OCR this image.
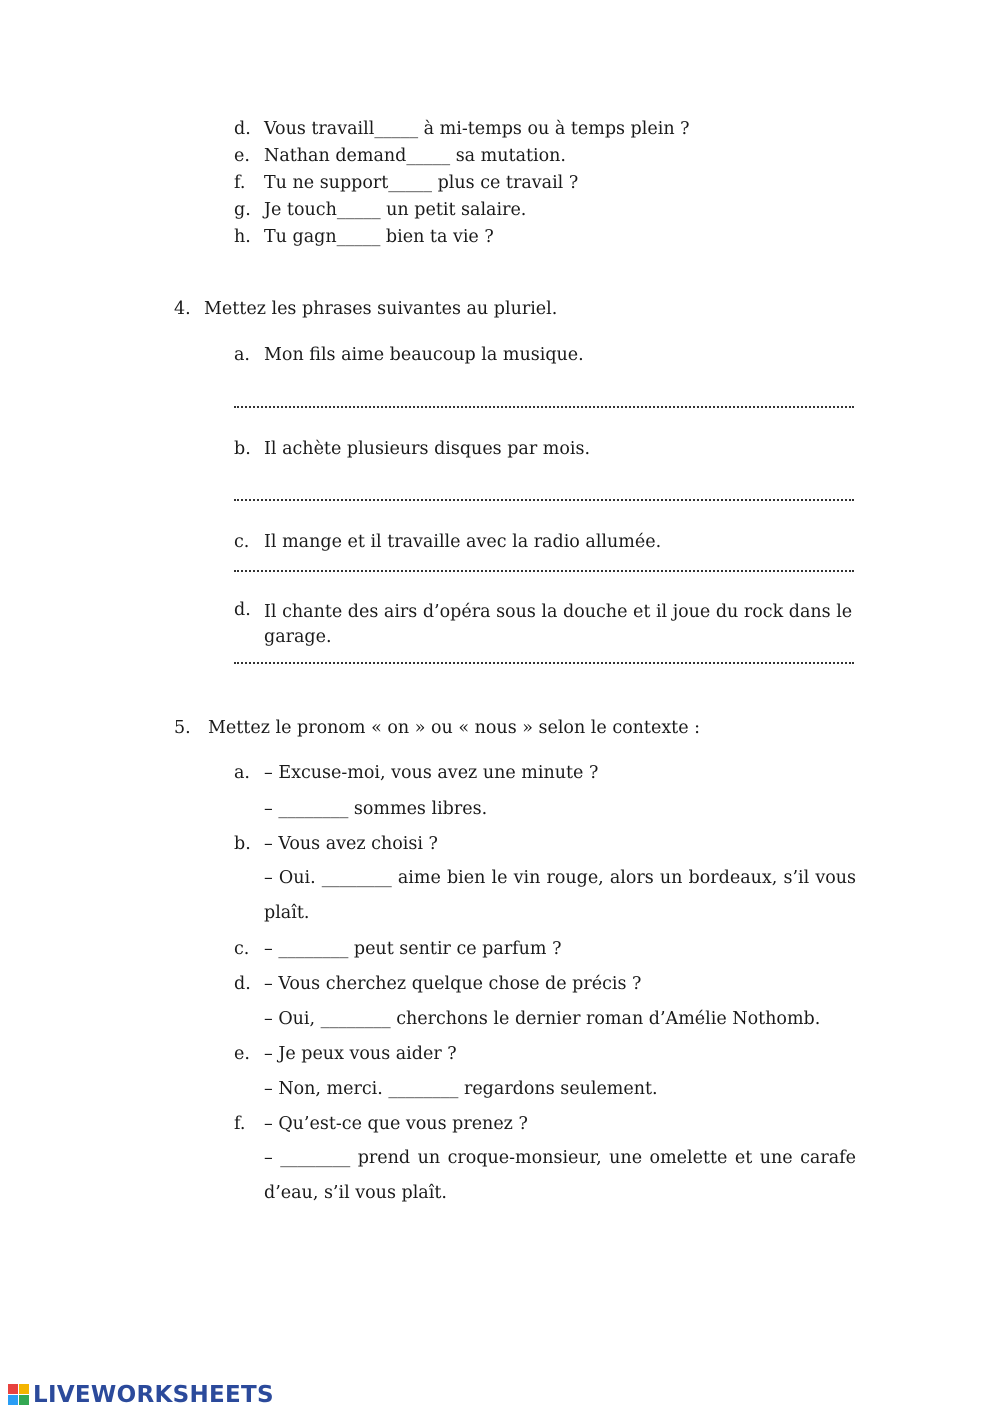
d. Vous travaill_____ à mi-temps ou à temps plein ?
e. Nathan demand_____ sa mutation.
f. Tu ne support_____ plus ce travail ?
g. Je touch_____ un petit salaire.
h. Tu gagn_____ bien ta vie ?
4. Mettez les phrases suivantes au pluriel.
a. Mon fils aime beaucoup la musique.
b. Il achète plusieurs disques par mois.
c. Il mange et il travaille avec la radio allumée.
d. Il chante des airs d’opéra sous la douche et il joue du rock dans le garage.
5. Mettez le pronom « on » ou « nous » selon le contexte :
a. – Excuse-moi, vous avez une minute ?
– ________ sommes libres.
b. – Vous avez choisi ?
– Oui. ________ aime bien le vin rouge, alors un bordeaux, s’il vous plaît.
c. – ________ peut sentir ce parfum ?
d. – Vous cherchez quelque chose de précis ?
– Oui, ________ cherchons le dernier roman d’Amélie Nothomb.
e. – Je peux vous aider ?
– Non, merci. ________ regardons seulement.
f. – Qu’est-ce que vous prenez ?
– ________ prend un croque-monsieur, une omelette et une carafe d’eau, s’il vous plaît.
LIVEWORKSHEETS
